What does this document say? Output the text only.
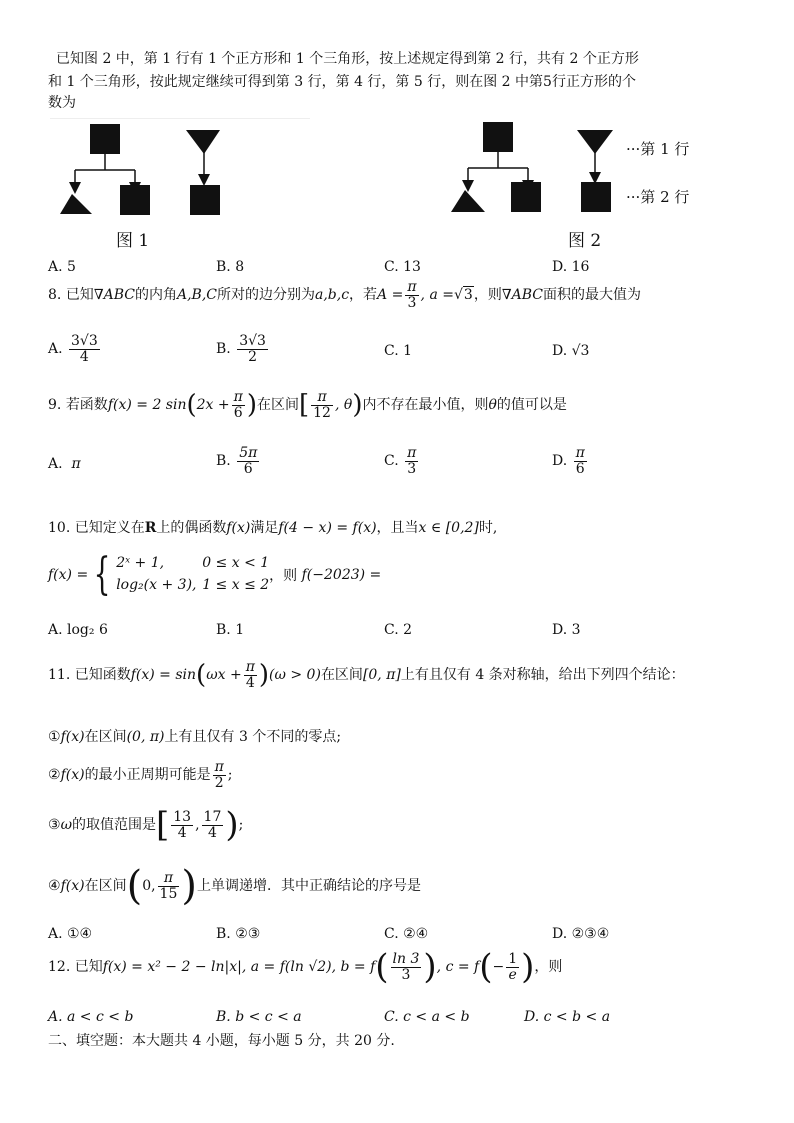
已知图 2 中，第 1 行有 1 个正方形和 1 个三角形，按上述规定得到第 2 行，共有 2 个正方形
和 1 个三角形，按此规定继续可得到第 3 行，第 4 行，第 5 行，则在图 2 中第5行正方形的个
数为
图 1
···第 1 行
···第 2 行
图 2
A. 5	B. 8	C. 13	D. 16
8. 已知∇ABC的内角A,B,C所对的边分别为a,b,c，若$A = \frac{\pi}{3}$ , a =√3，则∇ABC面积的最大值为
A. $\frac{3√3}{4}$	B. $\frac{3√3}{2}$	C. 1	D. √3
9. 若函数f(x) = 2 $\sin(2x + \frac{\pi}{6}$ )在区间[ $\frac{\pi}{12}$ , θ)内不存在最小值，则θ的值可以是
A. π	B. $\frac{5\pi}{6}$	C. $\frac{\pi}{3}$	D. $\frac{\pi}{6}$
10. 已知定义在R上的偶函数f(x)满足f(4 − x) = f(x)，且当x ∈ [0,2]时,
f(x) = { 2ˣ + 1,	0 ≤ x < 1
log₂(x + 3), 1 ≤ x ≤ 2，则 f(−2023) =
A. log₂ 6	B. 1	C. 2	D. 3
11. 已知函数$f(x) = \sin(\omega x + \frac{\pi}{4} )(\omega > 0)$在区间[0, π]上有且仅有 4 条对称轴，给出下列四个结论：
①f(x)在区间(0, π)上有且仅有 3 个不同的零点;
②f(x)的最小正周期可能是 $\frac{\pi}{2}$ ;
③ω的取值范围是[ $\frac{13}{4}$ , $\frac{17}{4}$ );
④f(x)在区间(0, $\frac{\pi}{15}$ )上单调递增．其中正确结论的序号是
A. ①④	B. ②③	C. ②④	D. ②③④
12. 已知f(x) = x² − 2 − ln|x|, a = f(ln √2), $b = f( \frac{\ln 3}{3}$ ), $c = f(- \frac{1}{e}$ )，则
A. a < c < b	B. b < c < a	C. c < a < b	D. c < b < a
二、填空题：本大题共 4 小题，每小题 5 分，共 20 分.
